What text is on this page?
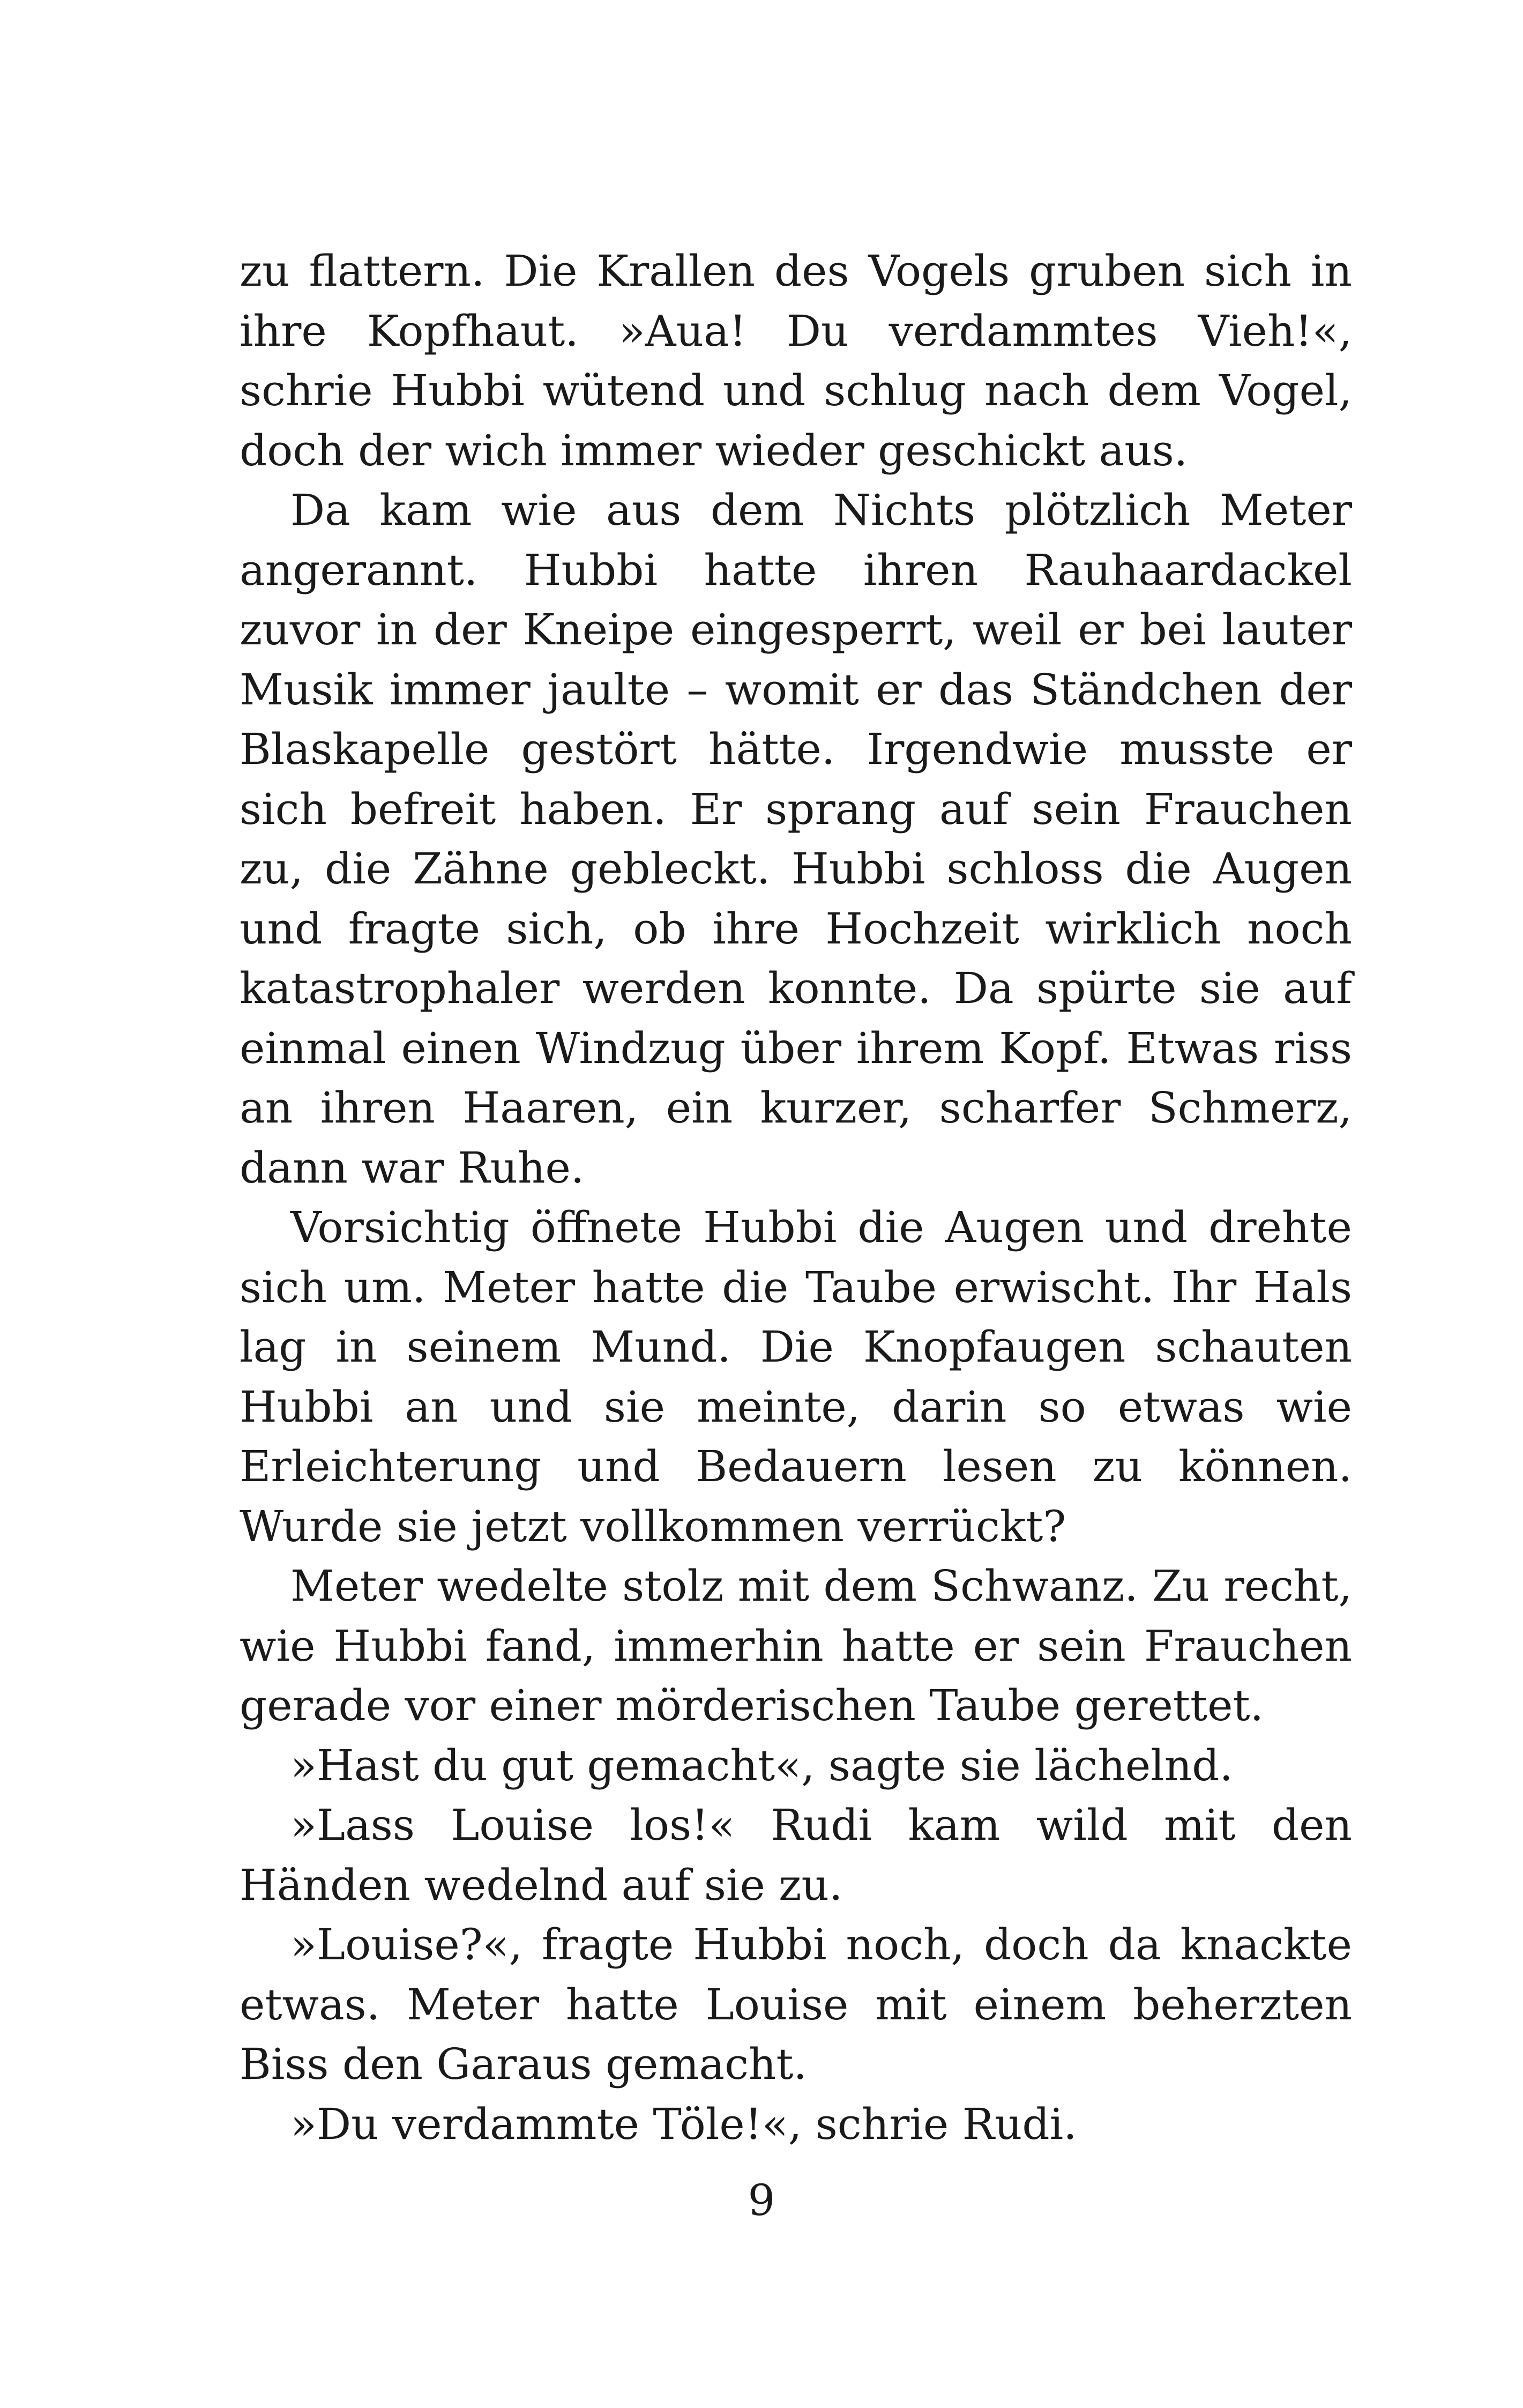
zu flattern. Die Krallen des Vogels gruben sich in ihre Kopfhaut. »Aua! Du verdammtes Vieh!«, schrie Hubbi wütend und schlug nach dem Vogel, doch der wich immer wieder geschickt aus.

Da kam wie aus dem Nichts plötzlich Meter angerannt. Hubbi hatte ihren Rauhaardackel zuvor in der Kneipe eingesperrt, weil er bei lauter Musik immer jaulte – womit er das Ständchen der Blaskapelle gestört hätte. Irgendwie musste er sich befreit haben. Er sprang auf sein Frauchen zu, die Zähne gebleckt. Hubbi schloss die Augen und fragte sich, ob ihre Hochzeit wirklich noch katastrophaler werden konnte. Da spürte sie auf einmal einen Windzug über ihrem Kopf. Etwas riss an ihren Haaren, ein kurzer, scharfer Schmerz, dann war Ruhe.

Vorsichtig öffnete Hubbi die Augen und drehte sich um. Meter hatte die Taube erwischt. Ihr Hals lag in seinem Mund. Die Knopfaugen schauten Hubbi an und sie meinte, darin so etwas wie Erleichterung und Bedauern lesen zu können. Wurde sie jetzt vollkommen verrückt?

Meter wedelte stolz mit dem Schwanz. Zu recht, wie Hubbi fand, immerhin hatte er sein Frauchen gerade vor einer mörderischen Taube gerettet.

»Hast du gut gemacht«, sagte sie lächelnd.

»Lass Louise los!« Rudi kam wild mit den Händen wedelnd auf sie zu.

»Louise?«, fragte Hubbi noch, doch da knackte etwas. Meter hatte Louise mit einem beherzten Biss den Garaus gemacht.

»Du verdammte Töle!«, schrie Rudi.

9
